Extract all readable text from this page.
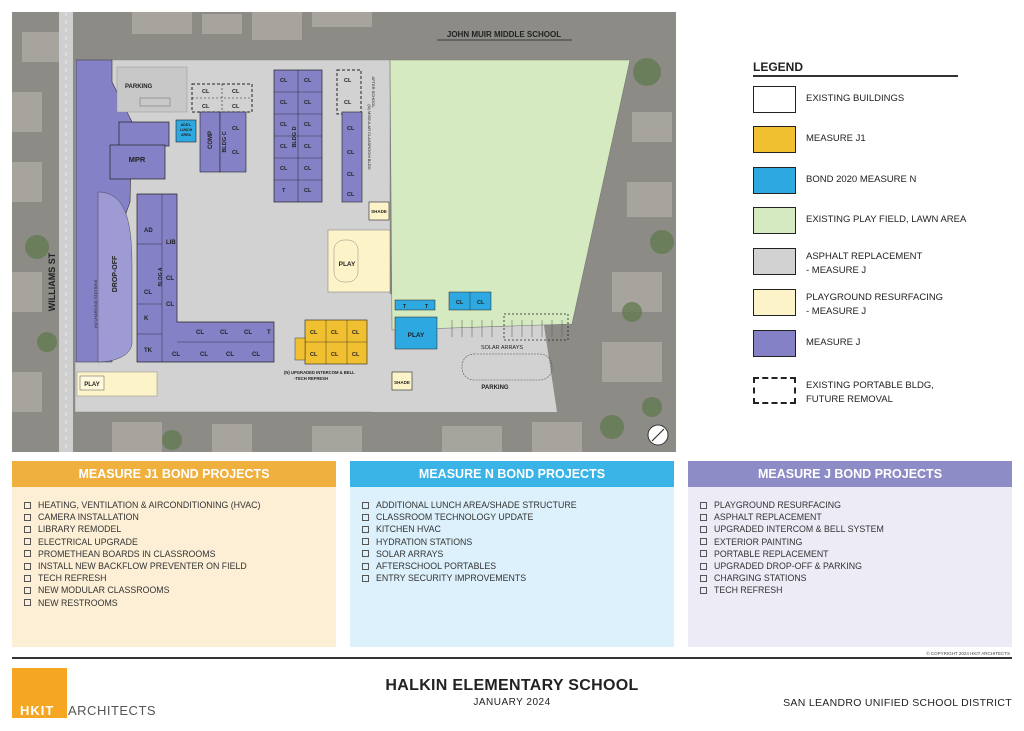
WILLIAMS ST
JOHN MUIR MIDDLE SCHOOL
DROP-OFF
(N) CHARGING STATIONS
PARKING
MPR
CL	CL
CL	CL
ADD'L
LUNCH
AREA	COMP BLDG C
CL
CL
BLDG D
CL	CL
CL	CL
CL	CL
CL	CL
CL	CL
CL
T
CL
CL	AFTER SCHOOL
CL
CL
CL
CL
(N) MODULAR CLASSROOM BLDG
SHADE
PLAY
AD
LIB
CL
CL
CL
K
TK
CL	CL	CL	T
CL	CL	CL	CL
BLDG A
CL CL CL
CL CL CL
(N) UPGRADED INTERCOM & BELL
-TECH REFRESH
SHADE
T	T
PLAY
CL CL
SOLAR ARRAYS
PARKING
PLAY
LEGEND
EXISTING BUILDINGS
MEASURE J1
BOND 2020 MEASURE N
EXISTING PLAY FIELD, LAWN AREA
ASPHALT REPLACEMENT
- MEASURE J
PLAYGROUND RESURFACING
- MEASURE J
MEASURE J
EXISTING PORTABLE BLDG,
FUTURE REMOVAL
MEASURE J1 BOND PROJECTS
HEATING, VENTILATION & AIRCONDITIONING (HVAC)
CAMERA INSTALLATION
LIBRARY REMODEL
ELECTRICAL UPGRADE
PROMETHEAN BOARDS IN CLASSROOMS
INSTALL NEW BACKFLOW PREVENTER ON FIELD
TECH REFRESH
NEW MODULAR CLASSROOMS
NEW RESTROOMS
MEASURE N BOND PROJECTS
ADDITIONAL LUNCH AREA/SHADE STRUCTURE
CLASSROOM TECHNOLOGY UPDATE
KITCHEN HVAC
HYDRATION STATIONS
SOLAR ARRAYS
AFTERSCHOOL PORTABLES
ENTRY SECURITY IMPROVEMENTS
MEASURE J BOND PROJECTS
PLAYGROUND RESURFACING
ASPHALT REPLACEMENT
UPGRADED INTERCOM & BELL SYSTEM
EXTERIOR PAINTING
PORTABLE REPLACEMENT
UPGRADED DROP-OFF & PARKING
CHARGING STATIONS
TECH REFRESH
© COPYRIGHT 2024 HKIT ARCHITECTS
HKIT ARCHITECTS
HALKIN ELEMENTARY SCHOOL
JANUARY 2024	SAN LEANDRO UNIFIED SCHOOL DISTRICT
